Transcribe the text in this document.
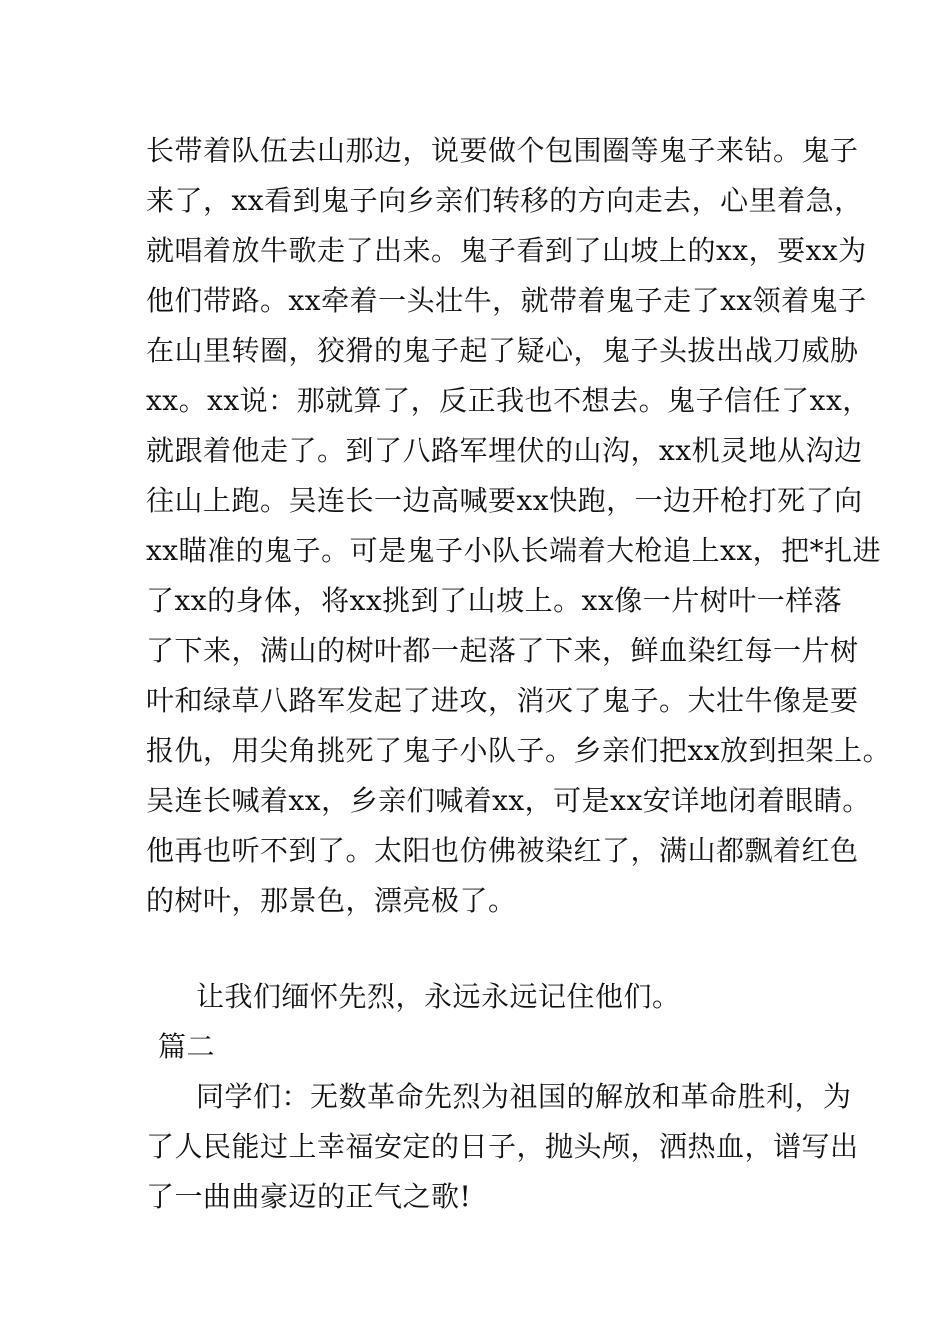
长带着队伍去山那边，说要做个包围圈等鬼子来钻。鬼子
来了，xx看到鬼子向乡亲们转移的方向走去，心里着急，
就唱着放牛歌走了出来。鬼子看到了山坡上的xx，要xx为
他们带路。xx牵着一头壮牛，就带着鬼子走了xx领着鬼子
在山里转圈，狡猾的鬼子起了疑心，鬼子头拔出战刀威胁
xx。xx说：那就算了，反正我也不想去。鬼子信任了xx，
就跟着他走了。到了八路军埋伏的山沟，xx机灵地从沟边
往山上跑。吴连长一边高喊要xx快跑，一边开枪打死了向
xx瞄准的鬼子。可是鬼子小队长端着大枪追上xx，把*扎进
了xx的身体，将xx挑到了山坡上。xx像一片树叶一样落
了下来，满山的树叶都一起落了下来，鲜血染红每一片树
叶和绿草八路军发起了进攻，消灭了鬼子。大壮牛像是要
报仇，用尖角挑死了鬼子小队子。乡亲们把xx放到担架上。
吴连长喊着xx，乡亲们喊着xx，可是xx安详地闭着眼睛。
他再也听不到了。太阳也仿佛被染红了，满山都飘着红色
的树叶，那景色，漂亮极了。
让我们缅怀先烈，永远永远记住他们。
篇二
同学们：无数革命先烈为祖国的解放和革命胜利，为
了人民能过上幸福安定的日子，抛头颅，洒热血，谱写出
了一曲曲豪迈的正气之歌!
